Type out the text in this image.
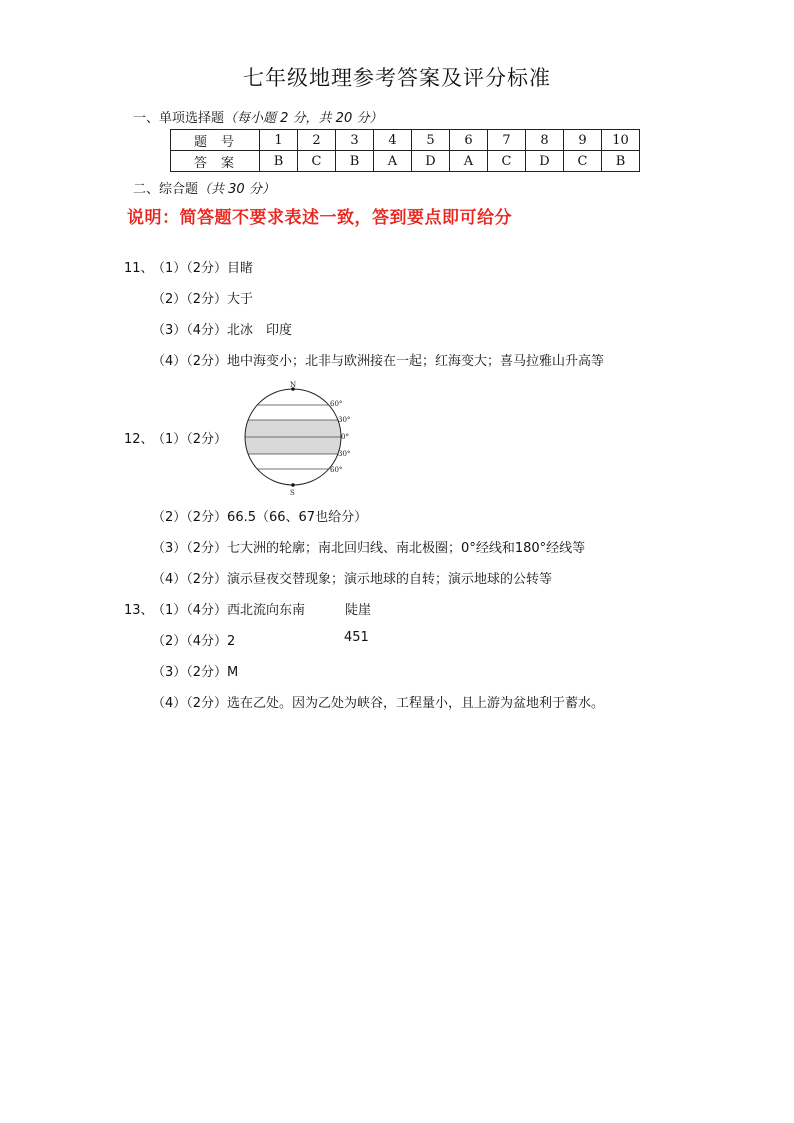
七年级地理参考答案及评分标准
一、单项选择题（每小题 2 分，共 20 分）
题号	1	2	3	4	5	6	7	8	9	10
答案	B	C	B	A	D	A	C	D	C	B
二、综合题（共 30 分）
说明：简答题不要求表述一致，答到要点即可给分
11、
（1）（2分）目睹
（2）（2分）大于
（3）（4分）北冰　印度
（4）（2分）地中海变小；北非与欧洲接在一起；红海变大；喜马拉雅山升高等
12、
（1）（2分）
N
S
60°
30°
0°
30°
60°
（2）（2分）66.5（66、67也给分）
（3）（2分）七大洲的轮廓；南北回归线、南北极圈；0°经线和180°经线等
（4）（2分）演示昼夜交替现象；演示地球的自转；演示地球的公转等
13、
（1）（4分）西北流向东南	陡崖
（2）（4分）2	451
（3）（2分）M
（4）（2分）选在乙处。因为乙处为峡谷，工程量小，且上游为盆地利于蓄水。
